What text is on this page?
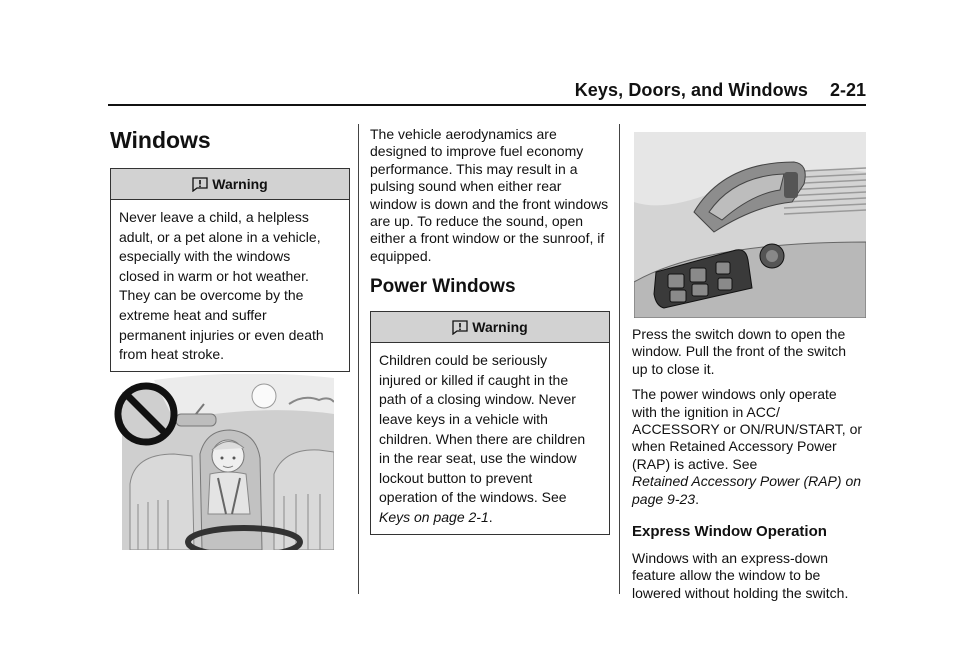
Keys, Doors, and Windows 2-21
Windows
Warning
Never leave a child, a helpless
adult, or a pet alone in a vehicle,
especially with the windows
closed in warm or hot weather.
They can be overcome by the
extreme heat and suffer
permanent injuries or even death
from heat stroke.

The vehicle aerodynamics are designed to improve fuel economy performance. This may result in a pulsing sound when either rear window is down and the front windows are up. To reduce the sound, open either a front window or the sunroof, if equipped.

Power Windows
Warning
Children could be seriously
injured or killed if caught in the
path of a closing window. Never
leave keys in a vehicle with
children. When there are children
in the rear seat, use the window
lockout button to prevent
operation of the windows. See
Keys on page 2-1.

Press the switch down to open the window. Pull the front of the switch up to close it.

The power windows only operate with the ignition in ACC/ ACCESSORY or ON/RUN/START, or when Retained Accessory Power (RAP) is active. See
Retained Accessory Power (RAP) on page 9-23.

Express Window Operation

Windows with an express-down feature allow the window to be lowered without holding the switch.
